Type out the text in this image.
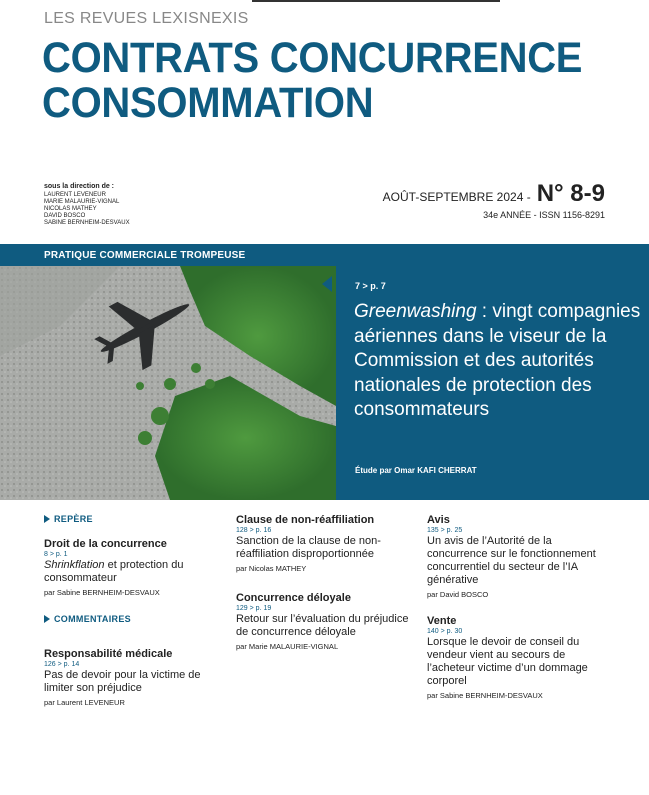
LES REVUES LEXISNEXIS
CONTRATS CONCURRENCE
CONSOMMATION
sous la direction de :
LAURENT LEVENEUR
MARIE MALAURIE-VIGNAL
NICOLAS MATHEY
DAVID BOSCO
SABINE BERNHEIM-DESVAUX
AOÛT-SEPTEMBRE 2024 - N° 8-9
34e ANNÉE - ISSN 1156-8291
PRATIQUE COMMERCIALE TROMPEUSE
7 > p. 7
Greenwashing : vingt compagnies aériennes dans le viseur de la Commission et des autorités nationales de protection des consommateurs
Étude par Omar KAFI CHERRAT
REPÈRE
Droit de la concurrence
8 > p. 1
Shrinkflation et protection du consommateur
par Sabine BERNHEIM-DESVAUX
COMMENTAIRES
Responsabilité médicale
126 > p. 14
Pas de devoir pour la victime de limiter son préjudice
par Laurent LEVENEUR
Clause de non-réaffiliation
128 > p. 16
Sanction de la clause de non-réaffiliation disproportionnée
par Nicolas MATHEY
Concurrence déloyale
129 > p. 19
Retour sur l’évaluation du préjudice de concurrence déloyale
par Marie MALAURIE-VIGNAL
Avis
135 > p. 25
Un avis de l’Autorité de la concurrence sur le fonctionnement concurrentiel du secteur de l’IA générative
par David BOSCO
Vente
140 > p. 30
Lorsque le devoir de conseil du vendeur vient au secours de l’acheteur victime d’un dommage corporel
par Sabine BERNHEIM-DESVAUX
